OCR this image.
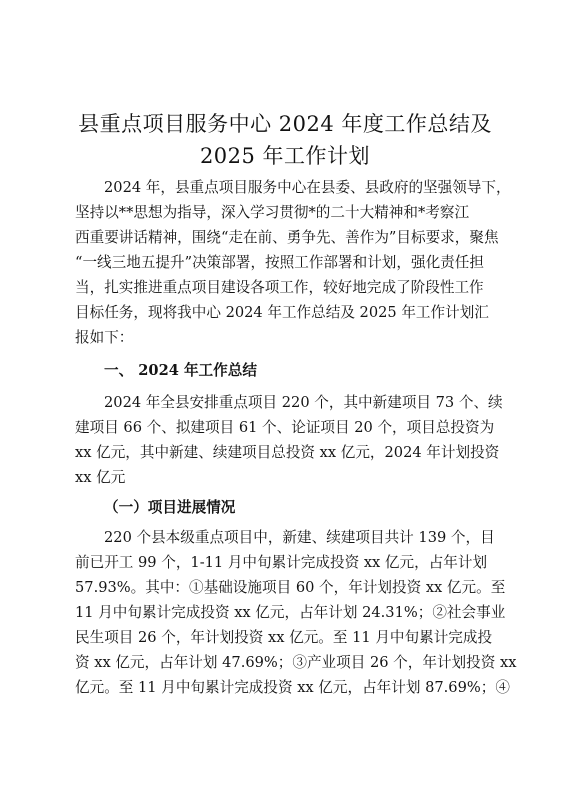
县重点项目服务中心 2024 年度工作总结及
2025 年工作计划
2024 年，县重点项目服务中心在县委、县政府的坚强领导下，
坚持以**思想为指导，深入学习贯彻*的二十大精神和*考察江
西重要讲话精神，围绕“走在前、勇争先、善作为”目标要求，聚焦
“一线三地五提升”决策部署，按照工作部署和计划，强化责任担
当，扎实推进重点项目建设各项工作，较好地完成了阶段性工作
目标任务，现将我中心 2024 年工作总结及 2025 年工作计划汇
报如下：
一、 2024 年工作总结
2024 年全县安排重点项目 220 个，其中新建项目 73 个、续
建项目 66 个、拟建项目 61 个、论证项目 20 个，项目总投资为
xx 亿元，其中新建、续建项目总投资 xx 亿元，2024 年计划投资
xx 亿元
（一）项目进展情况
220 个县本级重点项目中，新建、续建项目共计 139 个，目
前已开工 99 个，1-11 月中旬累计完成投资 xx 亿元，占年计划
57.93%。其中：①基础设施项目 60 个，年计划投资 xx 亿元。至
11 月中旬累计完成投资 xx 亿元，占年计划 24.31%；②社会事业
民生项目 26 个，年计划投资 xx 亿元。至 11 月中旬累计完成投
资 xx 亿元，占年计划 47.69%；③产业项目 26 个，年计划投资 xx
亿元。至 11 月中旬累计完成投资 xx 亿元，占年计划 87.69%；④
